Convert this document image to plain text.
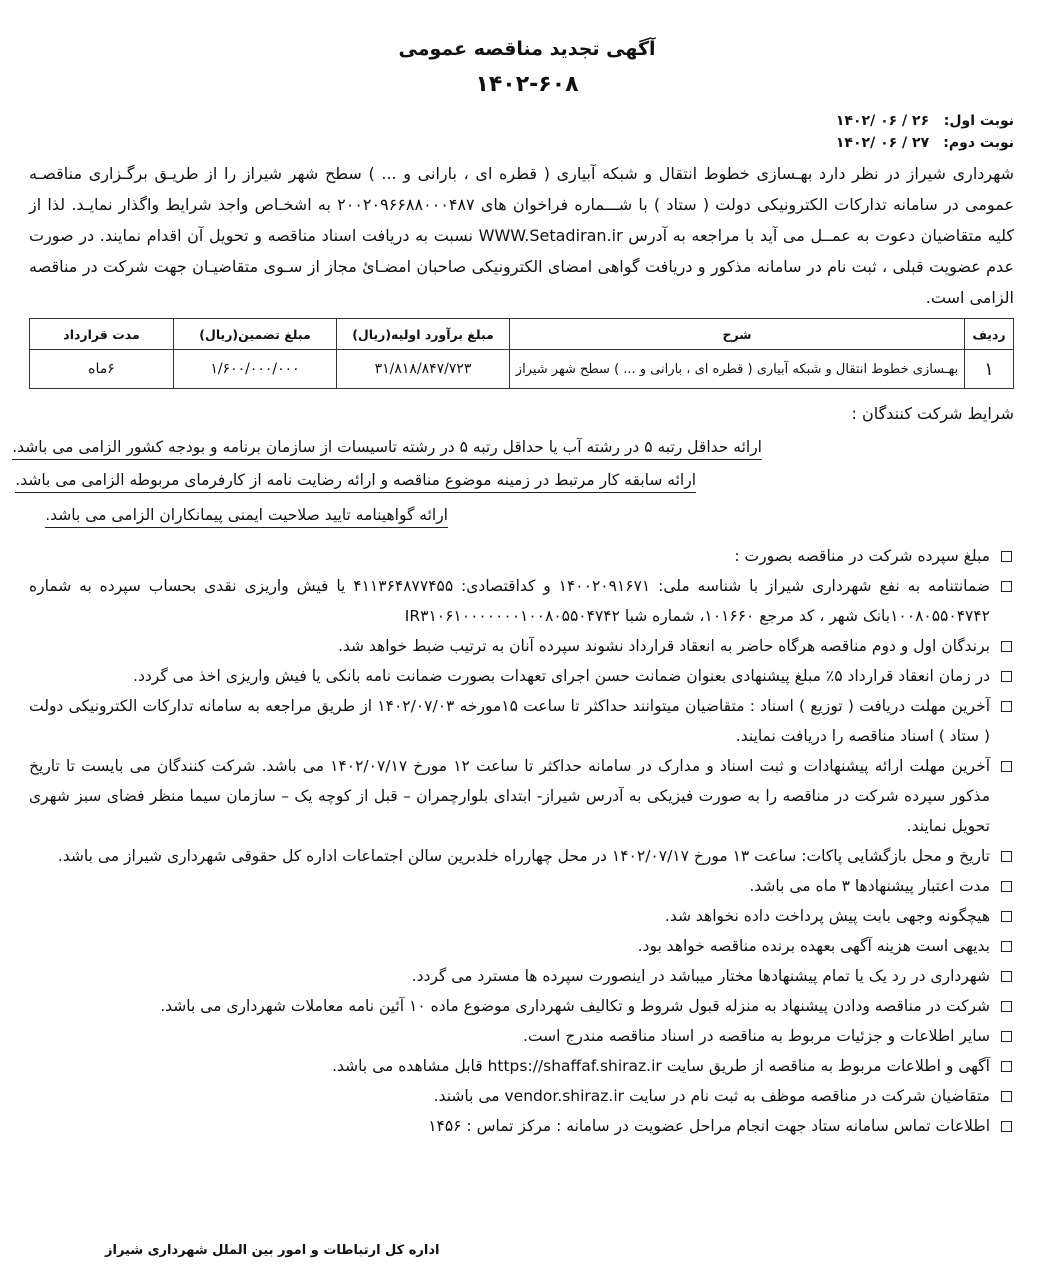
آگهی تجدید مناقصه عمومی
۱۴۰۲-۶۰۸
نوبت اول: ۲۶ / ۰۶ /۱۴۰۲
نوبت دوم: ۲۷ / ۰۶ /۱۴۰۲
شهرداری شیراز در نظر دارد بهـسازی خطوط انتقال و شبکه آبیاری ( قطره ای ، بارانی و ... ) سطح شهر شیراز را از طریـق برگـزاری مناقصـه عمومی در سامانه تدارکات الکترونیکی دولت ( ستاد ) با شـــماره فراخوان های ۲۰۰۲۰۹۶۶۸۸۰۰۰۴۸۷ به اشخـاص واجد شرایط واگذار نمایـد. لذا از کلیه متقاضیان دعوت به عمــل می آید با مراجعه به آدرس WWW.Setadiran.ir نسبت به دریافت اسناد مناقصه و تحویل آن اقدام نمایند. در صورت عدم عضویت قبلی ، ثبت نام در سامانه مذکور و دریافت گواهی امضای الکترونیکی صاحبان امضـائ مجاز از سـوی متقاضیـان جهت شرکت در مناقصه الزامی است.
ردیف	شرح	مبلغ برآورد اولیه(ریال)	مبلغ تضمین(ریال)	مدت قرارداد
۱	بهـسازی خطوط انتقال و شبکه آبیاری ( قطره ای ، بارانی و ... ) سطح شهر شیراز	۳۱/۸۱۸/۸۴۷/۷۲۳	۱/۶۰۰/۰۰۰/۰۰۰	۶ماه
شرایط شرکت کنندگان :
ارائه حداقل رتبه ۵ در رشته آب یا حداقل رتبه ۵ در رشته تاسیسات از سازمان برنامه و بودجه کشور الزامی می باشد.
ارائه سابقه کار مرتبط در زمینه موضوع مناقصه و ارائه رضایت نامه از کارفرمای مربوطه الزامی می باشد.
ارائه گواهینامه تایید صلاحیت ایمنی پیمانکاران الزامی می باشد.
مبلغ سپرده شرکت در مناقصه بصورت :
ضمانتنامه به نفع شهرداری شیراز با شناسه ملی: ۱۴۰۰۲۰۹۱۶۷۱ و کداقتصادی: ۴۱۱۳۶۴۸۷۷۴۵۵ یا فیش واریزی نقدی بحساب سپرده به شماره ۱۰۰۸۰۵۵۰۴۷۴۲بانک شهر ، کد مرجع ۱۰۱۶۶۰، شماره شبا IR۳۱۰۶۱۰۰۰۰۰۰۰۱۰۰۸۰۵۵۰۴۷۴۲
برندگان اول و دوم مناقصه هرگاه حاضر به انعقاد قرارداد نشوند سپرده آنان به ترتیب ضبط خواهد شد.
در زمان انعقاد قرارداد ۵٪ مبلغ پیشنهادی بعنوان ضمانت حسن اجرای تعهدات بصورت ضمانت نامه بانکی یا فیش واریزی اخذ می گردد.
آخرین مهلت دریافت ( توزیع ) اسناد : متقاضیان میتوانند حداکثر تا ساعت ۱۵مورخه ۱۴۰۲/۰۷/۰۳ از طریق مراجعه به سامانه تدارکات الکترونیکی دولت ( ستاد ) اسناد مناقصه را دریافت نمایند.
آخرین مهلت ارائه پیشنهادات و ثبت اسناد و مدارک در سامانه حداکثر تا ساعت ۱۲ مورخ ۱۴۰۲/۰۷/۱۷ می باشد. شرکت کنندگان می بایست تا تاریخ مذکور سپرده شرکت در مناقصه را به صورت فیزیکی به آدرس شیراز- ابتدای بلوارچمران – قبل از کوچه یک – سازمان سیما منظر فضای سبز شهری تحویل نمایند.
تاریخ و محل بازگشایی پاکات: ساعت ۱۳ مورخ ۱۴۰۲/۰۷/۱۷ در محل چهارراه خلدبرین سالن اجتماعات اداره کل حقوقی شهرداری شیراز می باشد.
مدت اعتبار پیشنهادها ۳ ماه می باشد.
هیچگونه وجهی بابت پیش پرداخت داده نخواهد شد.
بدیهی است هزینه آگهی بعهده برنده مناقصه خواهد بود.
شهرداری در رد یک یا تمام پیشنهادها مختار میباشد در اینصورت سپرده ها مسترد می گردد.
شرکت در مناقصه ودادن پیشنهاد به منزله قبول شروط و تکالیف شهرداری موضوع ماده ۱۰ آئین نامه معاملات شهرداری می باشد.
سایر اطلاعات و جزئیات مربوط به مناقصه در اسناد مناقصه مندرج است.
آگهی و اطلاعات مربوط به مناقصه از طریق سایت https://shaffaf.shiraz.ir قابل مشاهده می باشد.
متقاضیان شرکت در مناقصه موظف به ثبت نام در سایت vendor.shiraz.ir می باشند.
اطلاعات تماس سامانه ستاد جهت انجام مراحل عضویت در سامانه : مرکز تماس : ۱۴۵۶
اداره کل ارتباطات و امور بین الملل شهرداری شیراز
